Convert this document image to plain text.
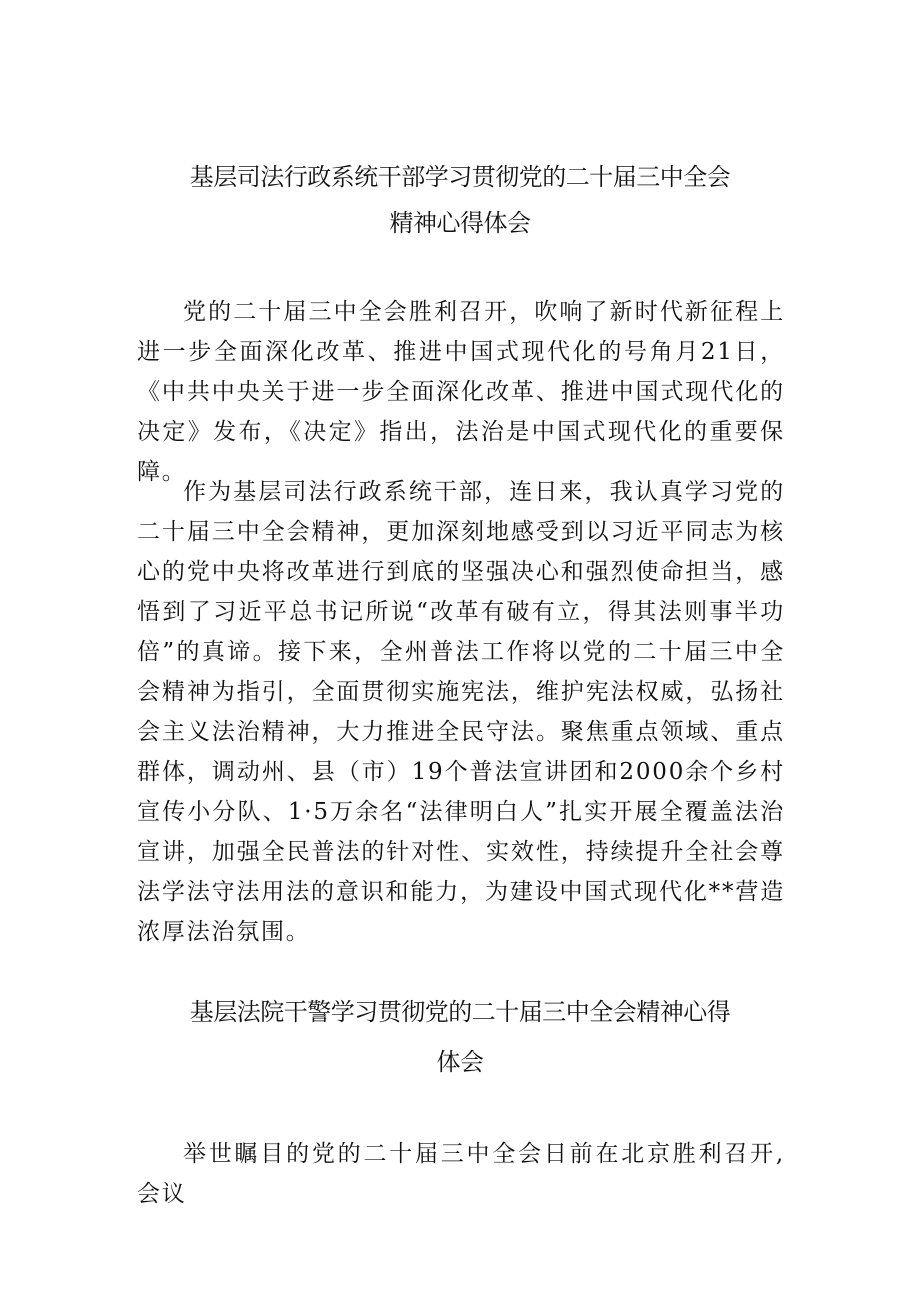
基层司法行政系统干部学习贯彻党的二十届三中全会
精神心得体会

党的二十届三中全会胜利召开，吹响了新时代新征程上进一步全面深化改革、推进中国式现代化的号角月21日，《中共中央关于进一步全面深化改革、推进中国式现代化的决定》发布，《决定》指出，法治是中国式现代化的重要保障。

作为基层司法行政系统干部，连日来，我认真学习党的二十届三中全会精神，更加深刻地感受到以习近平同志为核心的党中央将改革进行到底的坚强决心和强烈使命担当，感悟到了习近平总书记所说“改革有破有立，得其法则事半功倍”的真谛。接下来，全州普法工作将以党的二十届三中全会精神为指引，全面贯彻实施宪法，维护宪法权威，弘扬社会主义法治精神，大力推进全民守法。聚焦重点领域、重点群体，调动州、县（市）19个普法宣讲团和2000余个乡村宣传小分队、1·5万余名“法律明白人”扎实开展全覆盖法治宣讲，加强全民普法的针对性、实效性，持续提升全社会尊法学法守法用法的意识和能力，为建设中国式现代化**营造浓厚法治氛围。

基层法院干警学习贯彻党的二十届三中全会精神心得
体会

举世瞩目的党的二十届三中全会日前在北京胜利召开,会议
